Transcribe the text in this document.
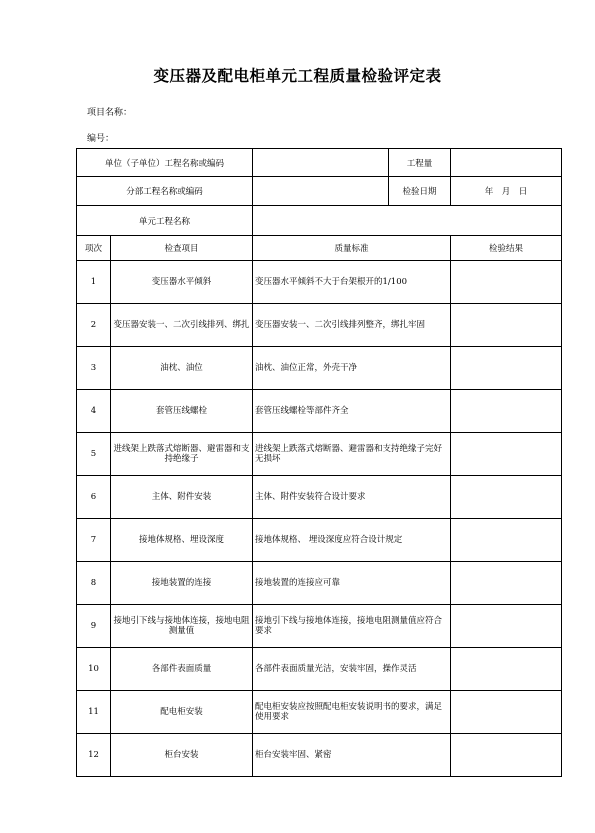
变压器及配电柜单元工程质量检验评定表
项目名称：
编号：
单位（子单位）工程名称或编码			工程量	
分部工程名称或编码			检验日期	年　月　日
单元工程名称				
项次	检查项目	质量标准		检验结果
1	变压器水平倾斜	变压器水平倾斜不大于台架根开的1/100		
2	变压器安装一、二次引线排列、绑扎	变压器安装一、二次引线排列整齐，绑扎牢固		
3	油枕、油位	油枕、油位正常，外壳干净		
4	套管压线螺栓	套管压线螺栓等部件齐全		
5	进线架上跌落式熔断器、避雷器和支持绝缘子	进线架上跌落式熔断器、避雷器和支持绝缘子完好无损坏		
6	主体、附件安装	主体、附件安装符合设计要求		
7	接地体规格、埋设深度	接地体规格、 埋设深度应符合设计规定		
8	接地装置的连接	接地装置的连接应可靠		
9	接地引下线与接地体连接，接地电阻测量值	接地引下线与接地体连接，接地电阻测量值应符合要求		
10	各部件表面质量	各部件表面质量光洁，安装牢固，操作灵活		
11	配电柜安装	配电柜安装应按照配电柜安装说明书的要求，满足使用要求		
12	柜台安装	柜台安装牢固、紧密		
